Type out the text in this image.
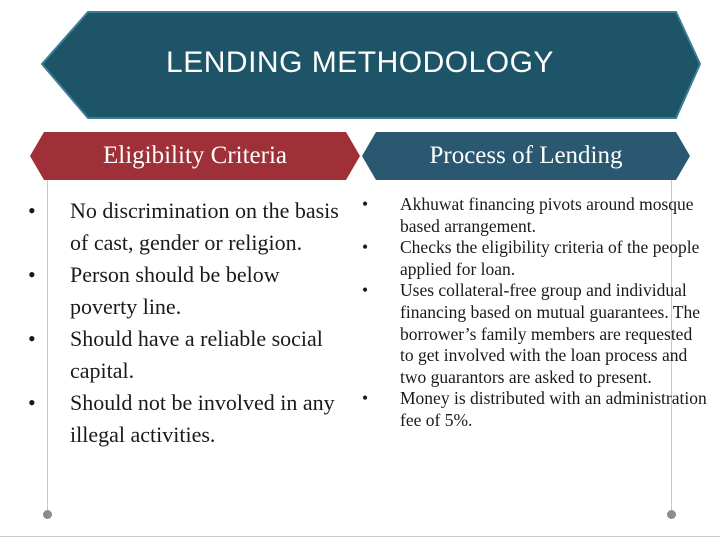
LENDING METHODOLOGY
Eligibility Criteria	Process of Lending
• No discrimination on the basis of cast, gender or religion.
• Person should be below poverty line.
• Should have a reliable social capital.
• Should not be involved in any illegal activities.
• Akhuwat financing pivots around mosque based arrangement.
• Checks the eligibility criteria of the people applied for loan.
• Uses collateral-free group and individual financing based on mutual guarantees. The borrower’s family members are requested to get involved with the loan process and two guarantors are asked to present.
• Money is distributed with an administration fee of 5%.
